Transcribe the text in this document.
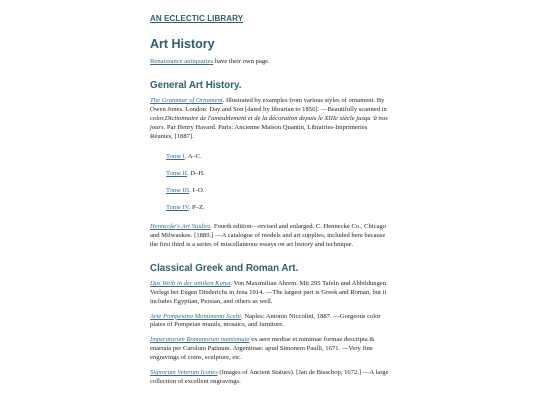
AN ECLECTIC LIBRARY
Art History

Renaissance antiquaries have their own page.

General Art History.

The Grammar of Ornament. Illustrated by examples from various styles of ornament. By Owen Jones. London: Day and Son [dated by librarian to 1856]. —Beautifully scanned in color.Dictionnaire de l'ameublement et de la décoration depuis le XIIIe siècle jusqu 'à nos jours. Par Henry Havard. Paris: Ancienne Maison Quantin, Librairies-Imprimeries Réunies, [1887].

Tome I. A–C.
Tome II. D–H.
Tome III. I–O.
Tome IV. P–Z.

Hennecke's Art Studies. Fourth edition—revised and enlarged. C. Hennecke Co., Chicago and Milwaukee. [1889.] —A catalogue of models and art supplies, included here because the first third is a series of miscellaneous essays on art history and technique.

Classical Greek and Roman Art.

Das Weib in der antiken Kunst. Von Maximilian Ahrem. Mit 295 Tafeln und Abbildungen. Verlegt bei Eugen Diederichs in Jena 1914. —The largest part is Greek and Roman, but it includes Egyptian, Persian, and others as well.

Arte Pompeiana Monumenti Scelti. Naples: Antonio Niccolini, 1887. —Gorgeous color plates of Pompeian murals, mosaics, and furniture.

Imperatorum Romanorum numismata ex aere mediae et minimae formae descripta & enarrata per Carolum Patinum. Argentinae: apud Simonem Paulli, 1671. —Very fine engravings of coins, sculpture, etc.

Signorum Veterum Icones (Images of Ancient Statues). [Jan de Bisschop, 1672.] —A large collection of excellent engravings.
